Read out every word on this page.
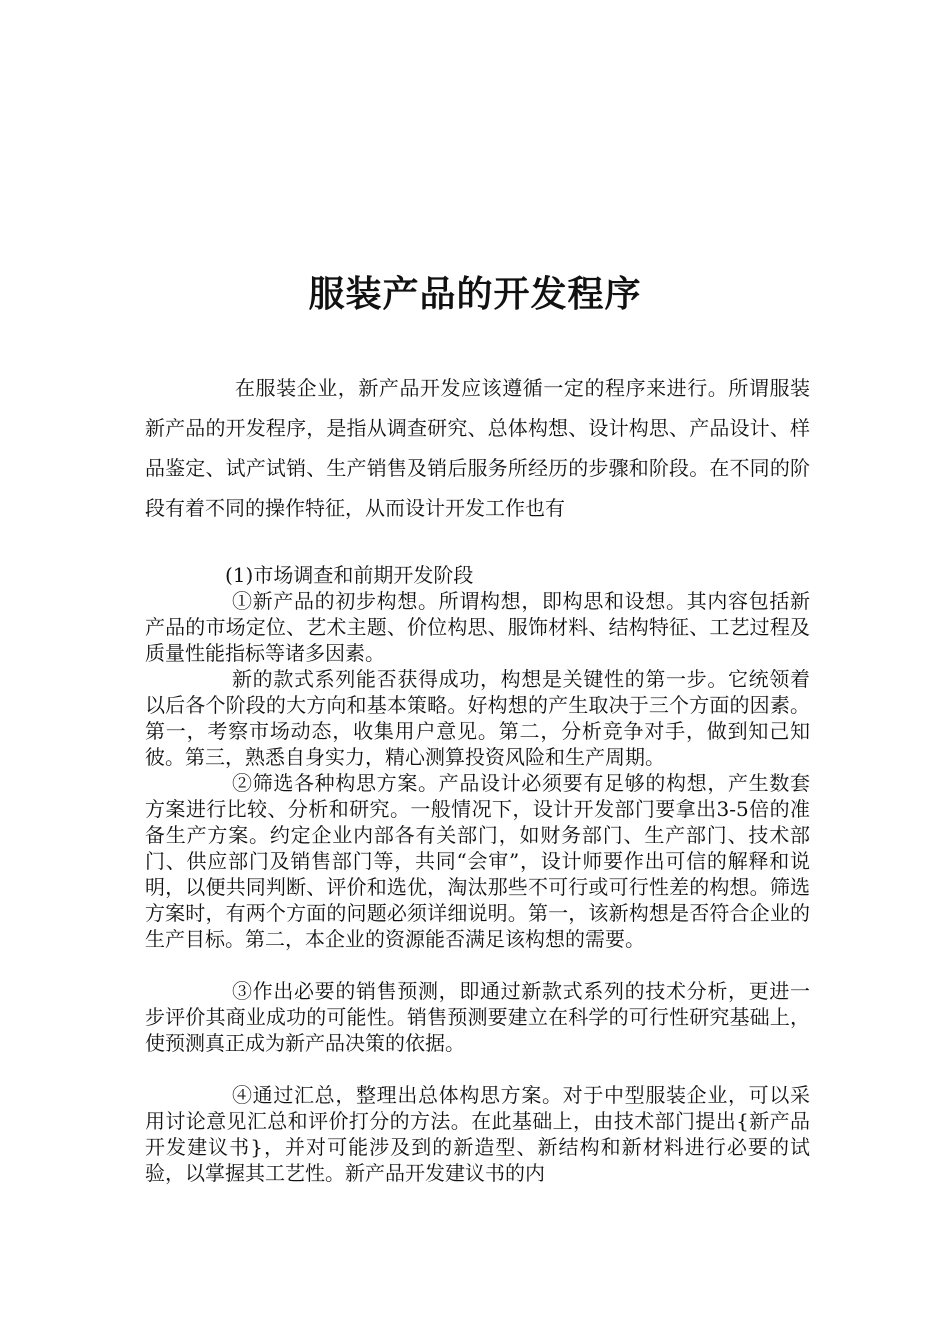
服装产品的开发程序

在服装企业，新产品开发应该遵循一定的程序来进行。所谓服装新产品的开发程序，是指从调查研究、总体构想、设计构思、产品设计、样品鉴定、试产试销、生产销售及销后服务所经历的步骤和阶段。在不同的阶段有着不同的操作特征，从而设计开发工作也有

(1)市场调查和前期开发阶段

①新产品的初步构想。所谓构想，即构思和设想。其内容包括新产品的市场定位、艺术主题、价位构思、服饰材料、结构特征、工艺过程及质量性能指标等诸多因素。

新的款式系列能否获得成功，构想是关键性的第一步。它统领着以后各个阶段的大方向和基本策略。好构想的产生取决于三个方面的因素。第一，考察市场动态，收集用户意见。第二，分析竞争对手，做到知己知彼。第三，熟悉自身实力，精心测算投资风险和生产周期。

②筛选各种构思方案。产品设计必须要有足够的构想，产生数套方案进行比较、分析和研究。一般情况下，设计开发部门要拿出3-5倍的准备生产方案。约定企业内部各有关部门，如财务部门、生产部门、技术部门、供应部门及销售部门等，共同“会审”，设计师要作出可信的解释和说明，以便共同判断、评价和选优，淘汰那些不可行或可行性差的构想。筛选方案时，有两个方面的问题必须详细说明。第一，该新构想是否符合企业的生产目标。第二，本企业的资源能否满足该构想的需要。

③作出必要的销售预测，即通过新款式系列的技术分析，更进一步评价其商业成功的可能性。销售预测要建立在科学的可行性研究基础上，使预测真正成为新产品决策的依据。

④通过汇总，整理出总体构思方案。对于中型服装企业，可以采用讨论意见汇总和评价打分的方法。在此基础上，由技术部门提出{新产品开发建议书}，并对可能涉及到的新造型、新结构和新材料进行必要的试验，以掌握其工艺性。新产品开发建议书的内
